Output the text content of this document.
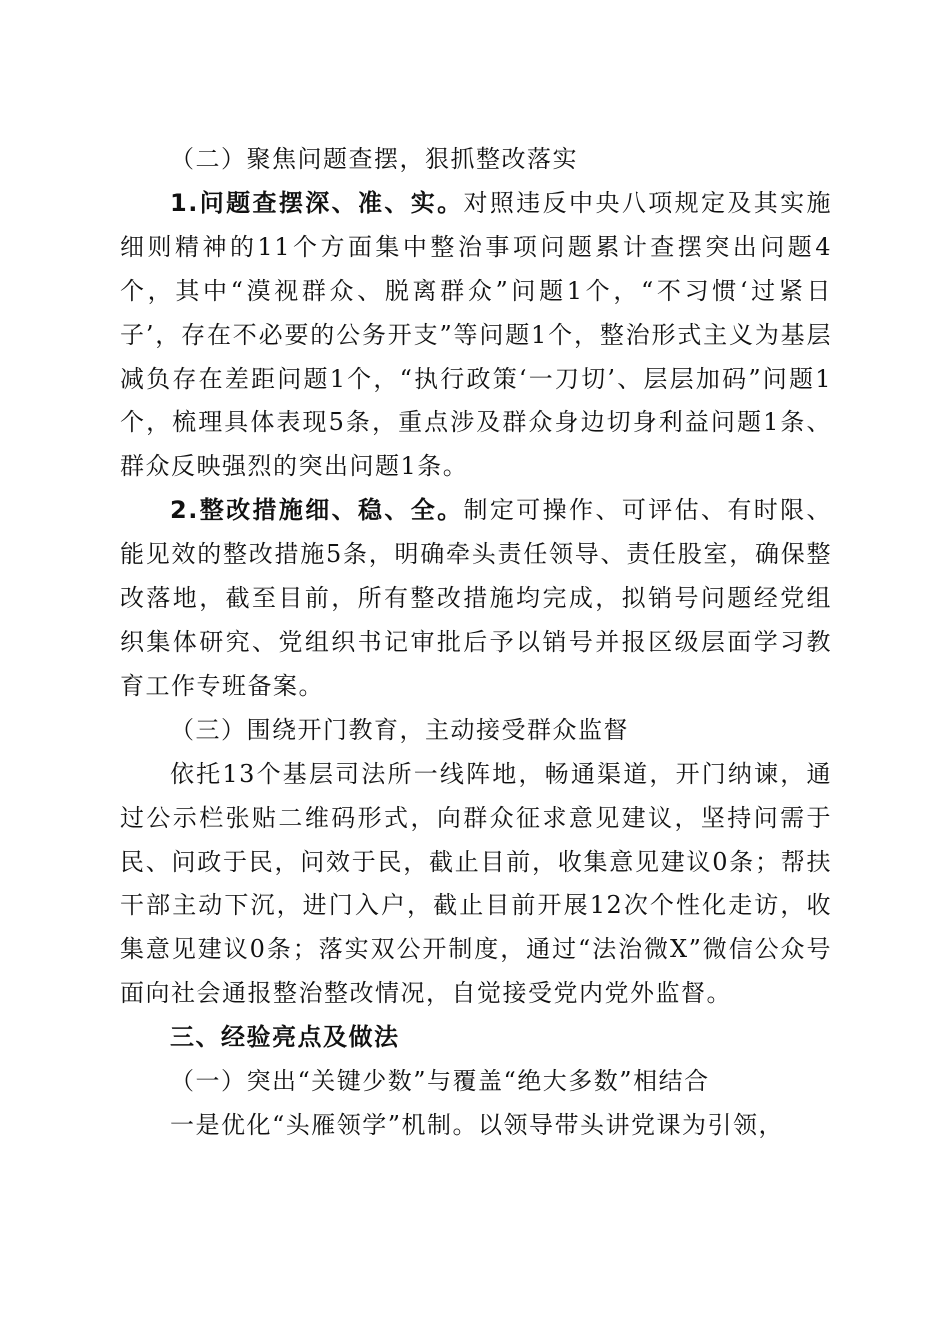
（二）聚焦问题查摆，狠抓整改落实

1.问题查摆深、准、实。对照违反中央八项规定及其实施细则精神的11个方面集中整治事项问题累计查摆突出问题4个，其中“漠视群众、脱离群众”问题1个，“不习惯‘过紧日子’，存在不必要的公务开支”等问题1个，整治形式主义为基层减负存在差距问题1个，“执行政策‘一刀切’、层层加码”问题1个，梳理具体表现5条，重点涉及群众身边切身利益问题1条、群众反映强烈的突出问题1条。

2.整改措施细、稳、全。制定可操作、可评估、有时限、能见效的整改措施5条，明确牵头责任领导、责任股室，确保整改落地，截至目前，所有整改措施均完成，拟销号问题经党组织集体研究、党组织书记审批后予以销号并报区级层面学习教育工作专班备案。

（三）围绕开门教育，主动接受群众监督

依托13个基层司法所一线阵地，畅通渠道，开门纳谏，通过公示栏张贴二维码形式，向群众征求意见建议，坚持问需于民、问政于民，问效于民，截止目前，收集意见建议0条；帮扶干部主动下沉，进门入户，截止目前开展12次个性化走访，收集意见建议0条；落实双公开制度，通过“法治微X”微信公众号面向社会通报整治整改情况，自觉接受党内党外监督。

三、经验亮点及做法

（一）突出“关键少数”与覆盖“绝大多数”相结合

一是优化“头雁领学”机制。以领导带头讲党课为引领，
